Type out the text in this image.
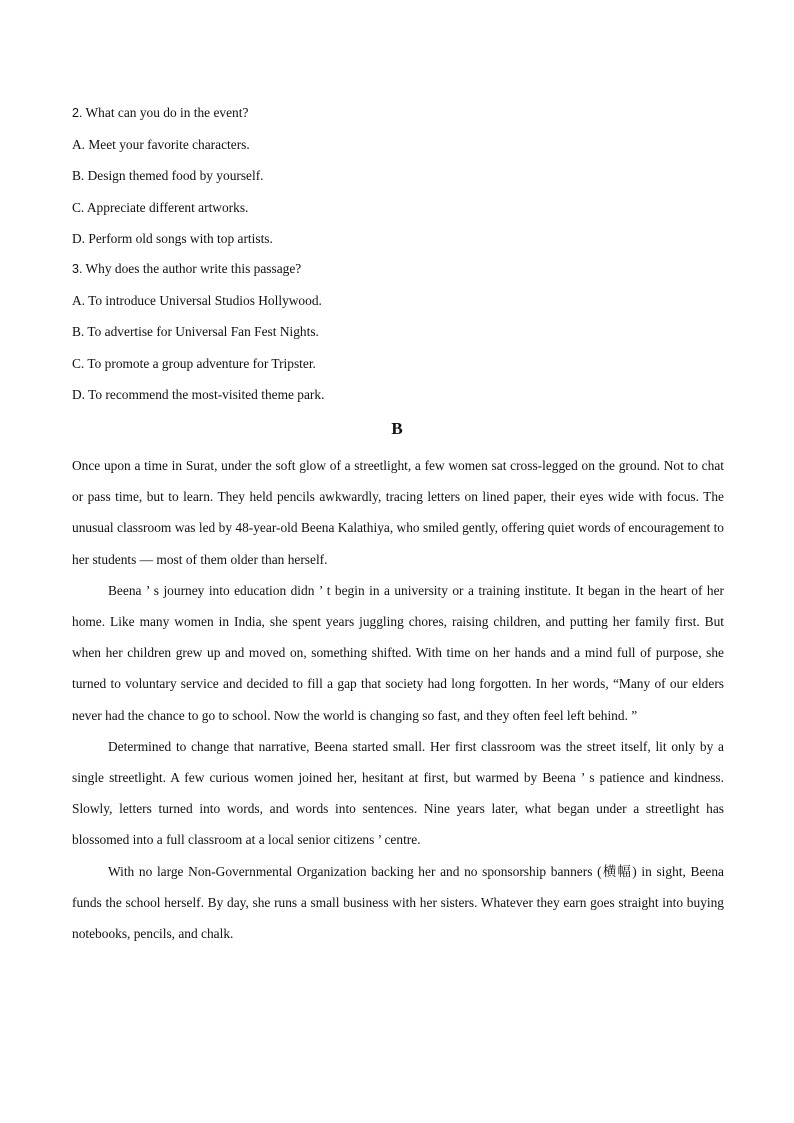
2. What can you do in the event?
A. Meet your favorite characters.
B. Design themed food by yourself.
C. Appreciate different artworks.
D. Perform old songs with top artists.
3. Why does the author write this passage?
A. To introduce Universal Studios Hollywood.
B. To advertise for Universal Fan Fest Nights.
C. To promote a group adventure for Tripster.
D. To recommend the most-visited theme park.
B

Once upon a time in Surat, under the soft glow of a streetlight, a few women sat cross-legged on the ground. Not to chat or pass time, but to learn. They held pencils awkwardly, tracing letters on lined paper, their eyes wide with focus. The unusual classroom was led by 48-year-old Beena Kalathiya, who smiled gently, offering quiet words of encouragement to her students — most of them older than herself.

Beena ’ s journey into education didn ’ t begin in a university or a training institute. It began in the heart of her home. Like many women in India, she spent years juggling chores, raising children, and putting her family first. But when her children grew up and moved on, something shifted. With time on her hands and a mind full of purpose, she turned to voluntary service and decided to fill a gap that society had long forgotten. In her words, “Many of our elders never had the chance to go to school. Now the world is changing so fast, and they often feel left behind. ”

Determined to change that narrative, Beena started small. Her first classroom was the street itself, lit only by a single streetlight. A few curious women joined her, hesitant at first, but warmed by Beena ’ s patience and kindness. Slowly, letters turned into words, and words into sentences. Nine years later, what began under a streetlight has blossomed into a full classroom at a local senior citizens ’ centre.

With no large Non-Governmental Organization backing her and no sponsorship banners (横幅) in sight, Beena funds the school herself. By day, she runs a small business with her sisters. Whatever they earn goes straight into buying notebooks, pencils, and chalk.
